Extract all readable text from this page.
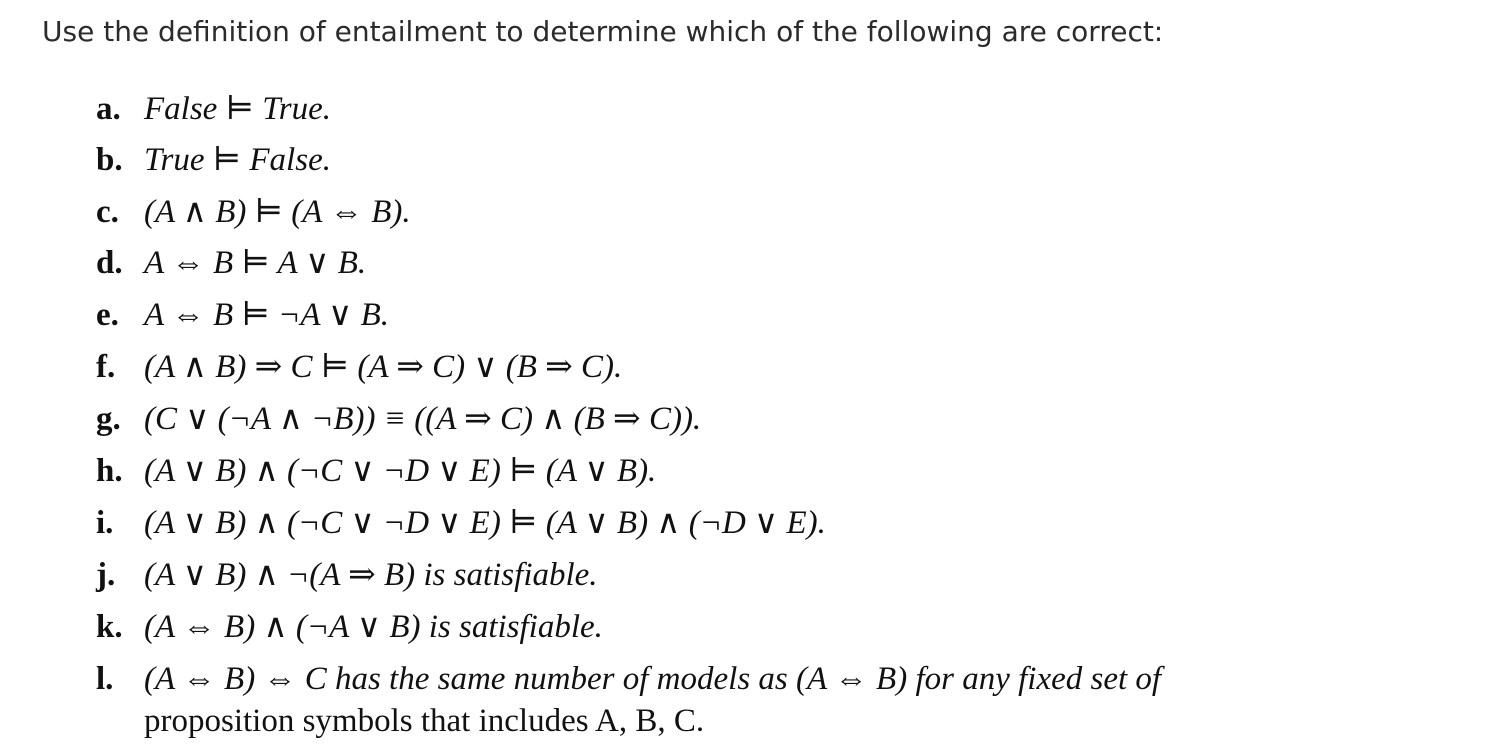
Use the definition of entailment to determine which of the following are correct:
a. False ⊨ True.
b. True ⊨ False.
c. (A ∧ B) ⊨ (A ⇔ B).
d. A ⇔ B ⊨ A ∨ B.
e. A ⇔ B ⊨ ¬A ∨ B.
f. (A ∧ B) ⇒ C ⊨ (A ⇒ C) ∨ (B ⇒ C).
g. (C ∨ (¬A ∧ ¬B)) ≡ ((A ⇒ C) ∧ (B ⇒ C)).
h. (A ∨ B) ∧ (¬C ∨ ¬D ∨ E) ⊨ (A ∨ B).
i. (A ∨ B) ∧ (¬C ∨ ¬D ∨ E) ⊨ (A ∨ B) ∧ (¬D ∨ E).
j. (A ∨ B) ∧ ¬(A ⇒ B) is satisfiable.
k. (A ⇔ B) ∧ (¬A ∨ B) is satisfiable.
l. (A ⇔ B) ⇔ C has the same number of models as (A ⇔ B) for any fixed set of
proposition symbols that includes A, B, C.
